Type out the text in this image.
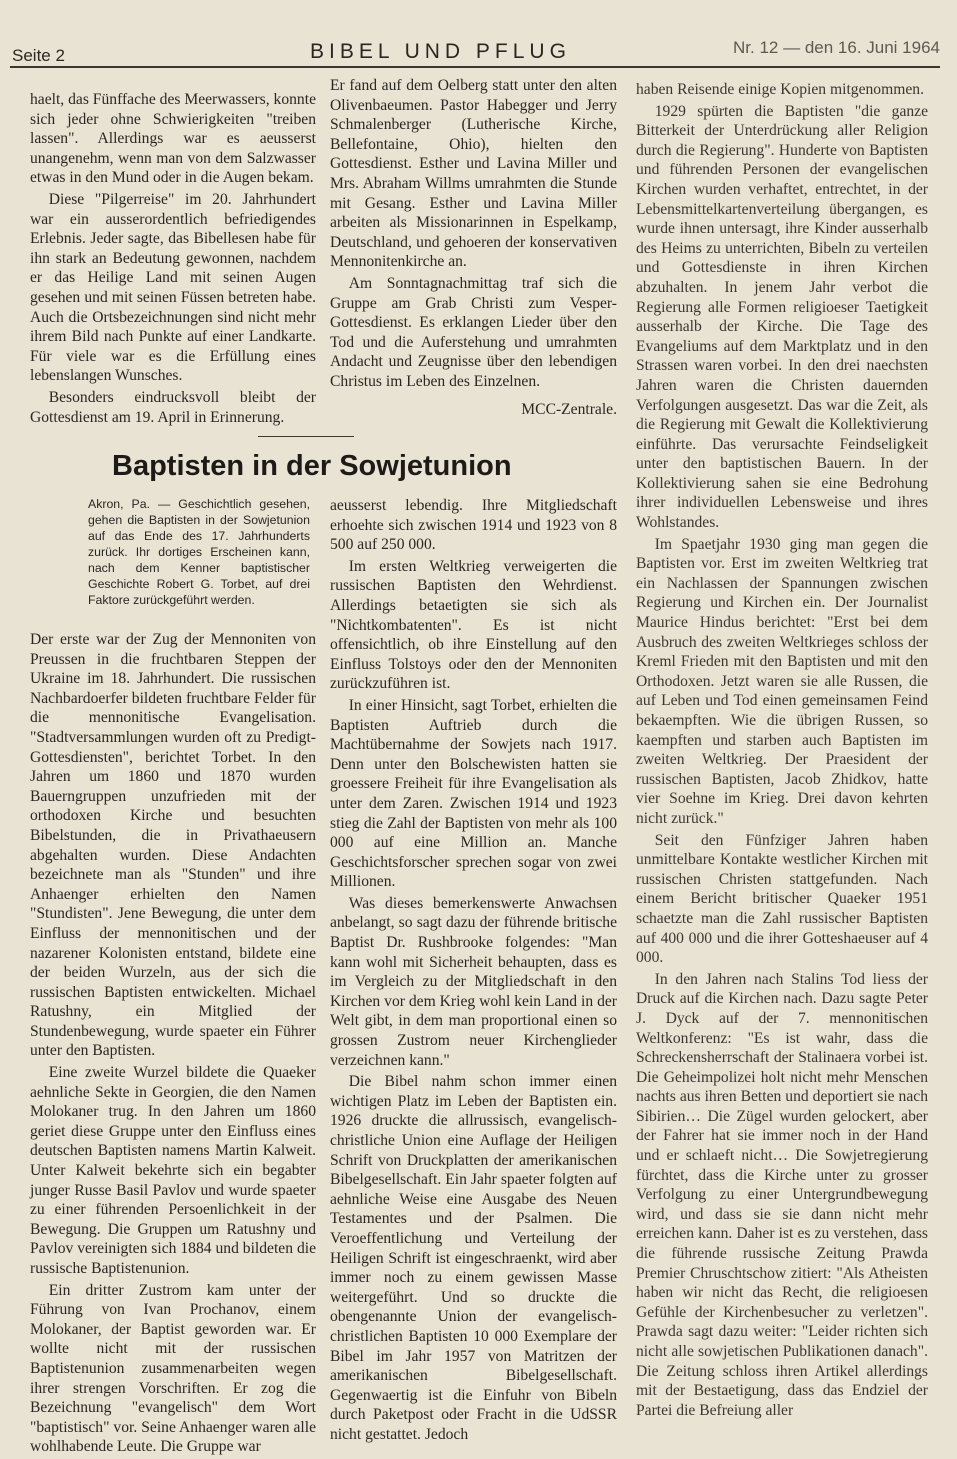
Seite 2	BIBEL UND PFLUG	Nr. 12 — den 16. Juni 1964

haelt, das Fünffache des Meerwassers, konnte sich jeder ohne Schwierigkeiten "treiben lassen". Allerdings war es aeusserst unangenehm, wenn man von dem Salzwasser etwas in den Mund oder in die Augen bekam.

Diese "Pilgerreise" im 20. Jahrhundert war ein ausserordentlich befriedigendes Erlebnis. Jeder sagte, das Bibellesen habe für ihn stark an Bedeutung gewonnen, nachdem er das Heilige Land mit seinen Augen gesehen und mit seinen Füssen betreten habe. Auch die Ortsbezeichnungen sind nicht mehr ihrem Bild nach Punkte auf einer Landkarte. Für viele war es die Erfüllung eines lebenslangen Wunsches.

Besonders eindrucksvoll bleibt der Gottesdienst am 19. April in Erinnerung.

Er fand auf dem Oelberg statt unter den alten Olivenbaeumen. Pastor Habegger und Jerry Schmalenberger (Lutherische Kirche, Bellefontaine, Ohio), hielten den Gottesdienst. Esther und Lavina Miller und Mrs. Abraham Willms umrahmten die Stunde mit Gesang. Esther und Lavina Miller arbeiten als Missionarinnen in Espelkamp, Deutschland, und gehoeren der konservativen Mennonitenkirche an.

Am Sonntagnachmittag traf sich die Gruppe am Grab Christi zum Vesper-Gottesdienst. Es erklangen Lieder über den Tod und die Auferstehung und umrahmten Andacht und Zeugnisse über den lebendigen Christus im Leben des Einzelnen.

MCC-Zentrale.

Baptisten in der Sowjetunion

Akron, Pa. — Geschichtlich gesehen, gehen die Baptisten in der Sowjetunion auf das Ende des 17. Jahrhunderts zurück. Ihr dortiges Erscheinen kann, nach dem Kenner baptistischer Geschichte Robert G. Torbet, auf drei Faktore zurückgeführt werden.

Der erste war der Zug der Mennoniten von Preussen in die fruchtbaren Steppen der Ukraine im 18. Jahrhundert. Die russischen Nachbardoerfer bildeten fruchtbare Felder für die mennonitische Evangelisation. "Stadtversammlungen wurden oft zu Predigt-Gottesdiensten", berichtet Torbet. In den Jahren um 1860 und 1870 wurden Bauerngruppen unzufrieden mit der orthodoxen Kirche und besuchten Bibelstunden, die in Privathaeusern abgehalten wurden. Diese Andachten bezeichnete man als "Stunden" und ihre Anhaenger erhielten den Namen "Stundisten". Jene Bewegung, die unter dem Einfluss der mennonitischen und der nazarener Kolonisten entstand, bildete eine der beiden Wurzeln, aus der sich die russischen Baptisten entwickelten. Michael Ratushny, ein Mitglied der Stundenbewegung, wurde spaeter ein Führer unter den Baptisten.

Eine zweite Wurzel bildete die Quaeker aehnliche Sekte in Georgien, die den Namen Molokaner trug. In den Jahren um 1860 geriet diese Gruppe unter den Einfluss eines deutschen Baptisten namens Martin Kalweit. Unter Kalweit bekehrte sich ein begabter junger Russe Basil Pavlov und wurde spaeter zu einer führenden Persoenlichkeit in der Bewegung. Die Gruppen um Ratushny und Pavlov vereinigten sich 1884 und bildeten die russische Baptistenunion.

Ein dritter Zustrom kam unter der Führung von Ivan Prochanov, einem Molokaner, der Baptist geworden war. Er wollte nicht mit der russischen Baptistenunion zusammenarbeiten wegen ihrer strengen Vorschriften. Er zog die Bezeichnung "evangelisch" dem Wort "baptistisch" vor. Seine Anhaenger waren alle wohlhabende Leute. Die Gruppe war

aeusserst lebendig. Ihre Mitgliedschaft erhoehte sich zwischen 1914 und 1923 von 8 500 auf 250 000.

Im ersten Weltkrieg verweigerten die russischen Baptisten den Wehrdienst. Allerdings betaetigten sie sich als "Nichtkombatenten". Es ist nicht offensichtlich, ob ihre Einstellung auf den Einfluss Tolstoys oder den der Mennoniten zurückzuführen ist.

In einer Hinsicht, sagt Torbet, erhielten die Baptisten Auftrieb durch die Machtübernahme der Sowjets nach 1917. Denn unter den Bolschewisten hatten sie groessere Freiheit für ihre Evangelisation als unter dem Zaren. Zwischen 1914 und 1923 stieg die Zahl der Baptisten von mehr als 100 000 auf eine Million an. Manche Geschichtsforscher sprechen sogar von zwei Millionen.

Was dieses bemerkenswerte Anwachsen anbelangt, so sagt dazu der führende britische Baptist Dr. Rushbrooke folgendes: "Man kann wohl mit Sicherheit behaupten, dass es im Vergleich zu der Mitgliedschaft in den Kirchen vor dem Krieg wohl kein Land in der Welt gibt, in dem man proportional einen so grossen Zustrom neuer Kirchenglieder verzeichnen kann."

Die Bibel nahm schon immer einen wichtigen Platz im Leben der Baptisten ein. 1926 druckte die allrussisch, evangelisch-christliche Union eine Auflage der Heiligen Schrift von Druckplatten der amerikanischen Bibelgesellschaft. Ein Jahr spaeter folgten auf aehnliche Weise eine Ausgabe des Neuen Testamentes und der Psalmen. Die Veroeffentlichung und Verteilung der Heiligen Schrift ist eingeschraenkt, wird aber immer noch zu einem gewissen Masse weitergeführt. Und so druckte die obengenannte Union der evangelisch-christlichen Baptisten 10 000 Exemplare der Bibel im Jahr 1957 von Matritzen der amerikanischen Bibelgesellschaft. Gegenwaertig ist die Einfuhr von Bibeln durch Paketpost oder Fracht in die UdSSR nicht gestattet. Jedoch

haben Reisende einige Kopien mitgenommen.

1929 spürten die Baptisten "die ganze Bitterkeit der Unterdrückung aller Religion durch die Regierung". Hunderte von Baptisten und führenden Personen der evangelischen Kirchen wurden verhaftet, entrechtet, in der Lebensmittelkartenverteilung übergangen, es wurde ihnen untersagt, ihre Kinder ausserhalb des Heims zu unterrichten, Bibeln zu verteilen und Gottesdienste in ihren Kirchen abzuhalten. In jenem Jahr verbot die Regierung alle Formen religioeser Taetigkeit ausserhalb der Kirche. Die Tage des Evangeliums auf dem Marktplatz und in den Strassen waren vorbei. In den drei naechsten Jahren waren die Christen dauernden Verfolgungen ausgesetzt. Das war die Zeit, als die Regierung mit Gewalt die Kollektivierung einführte. Das verursachte Feindseligkeit unter den baptistischen Bauern. In der Kollektivierung sahen sie eine Bedrohung ihrer individuellen Lebensweise und ihres Wohlstandes.

Im Spaetjahr 1930 ging man gegen die Baptisten vor. Erst im zweiten Weltkrieg trat ein Nachlassen der Spannungen zwischen Regierung und Kirchen ein. Der Journalist Maurice Hindus berichtet: "Erst bei dem Ausbruch des zweiten Weltkrieges schloss der Kreml Frieden mit den Baptisten und mit den Orthodoxen. Jetzt waren sie alle Russen, die auf Leben und Tod einen gemeinsamen Feind bekaempften. Wie die übrigen Russen, so kaempften und starben auch Baptisten im zweiten Weltkrieg. Der Praesident der russischen Baptisten, Jacob Zhidkov, hatte vier Soehne im Krieg. Drei davon kehrten nicht zurück."

Seit den Fünfziger Jahren haben unmittelbare Kontakte westlicher Kirchen mit russischen Christen stattgefunden. Nach einem Bericht britischer Quaeker 1951 schaetzte man die Zahl russischer Baptisten auf 400 000 und die ihrer Gotteshaeuser auf 4 000.

In den Jahren nach Stalins Tod liess der Druck auf die Kirchen nach. Dazu sagte Peter J. Dyck auf der 7. mennonitischen Weltkonferenz: "Es ist wahr, dass die Schreckensherrschaft der Stalinaera vorbei ist. Die Geheimpolizei holt nicht mehr Menschen nachts aus ihren Betten und deportiert sie nach Sibirien… Die Zügel wurden gelockert, aber der Fahrer hat sie immer noch in der Hand und er schlaeft nicht… Die Sowjetregierung fürchtet, dass die Kirche unter zu grosser Verfolgung zu einer Untergrundbewegung wird, und dass sie sie dann nicht mehr erreichen kann. Daher ist es zu verstehen, dass die führende russische Zeitung Prawda Premier Chruschtschow zitiert: "Als Atheisten haben wir nicht das Recht, die religioesen Gefühle der Kirchenbesucher zu verletzen". Prawda sagt dazu weiter: "Leider richten sich nicht alle sowjetischen Publikationen danach". Die Zeitung schloss ihren Artikel allerdings mit der Bestaetigung, dass das Endziel der Partei die Befreiung aller
